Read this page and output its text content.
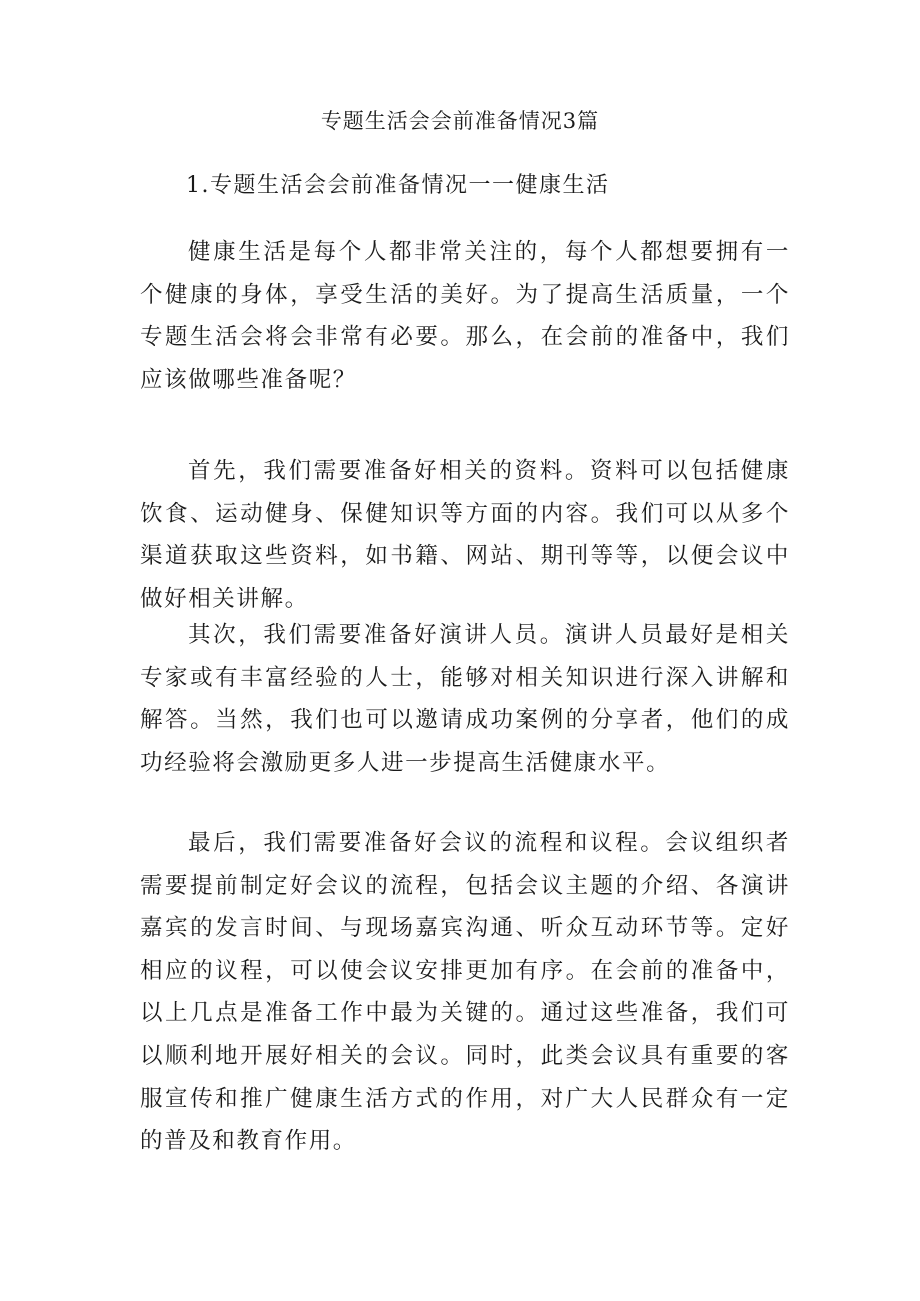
专题生活会会前准备情况3篇
1.专题生活会会前准备情况一一健康生活

健康生活是每个人都非常关注的，每个人都想要拥有一个健康的身体，享受生活的美好。为了提高生活质量，一个专题生活会将会非常有必要。那么，在会前的准备中，我们应该做哪些准备呢？

首先，我们需要准备好相关的资料。资料可以包括健康饮食、运动健身、保健知识等方面的内容。我们可以从多个渠道获取这些资料，如书籍、网站、期刊等等，以便会议中做好相关讲解。

其次，我们需要准备好演讲人员。演讲人员最好是相关专家或有丰富经验的人士，能够对相关知识进行深入讲解和解答。当然，我们也可以邀请成功案例的分享者，他们的成功经验将会激励更多人进一步提高生活健康水平。

最后，我们需要准备好会议的流程和议程。会议组织者需要提前制定好会议的流程，包括会议主题的介绍、各演讲嘉宾的发言时间、与现场嘉宾沟通、听众互动环节等。定好相应的议程，可以使会议安排更加有序。在会前的准备中，以上几点是准备工作中最为关键的。通过这些准备，我们可以顺利地开展好相关的会议。同时，此类会议具有重要的客服宣传和推广健康生活方式的作用，对广大人民群众有一定的普及和教育作用。
